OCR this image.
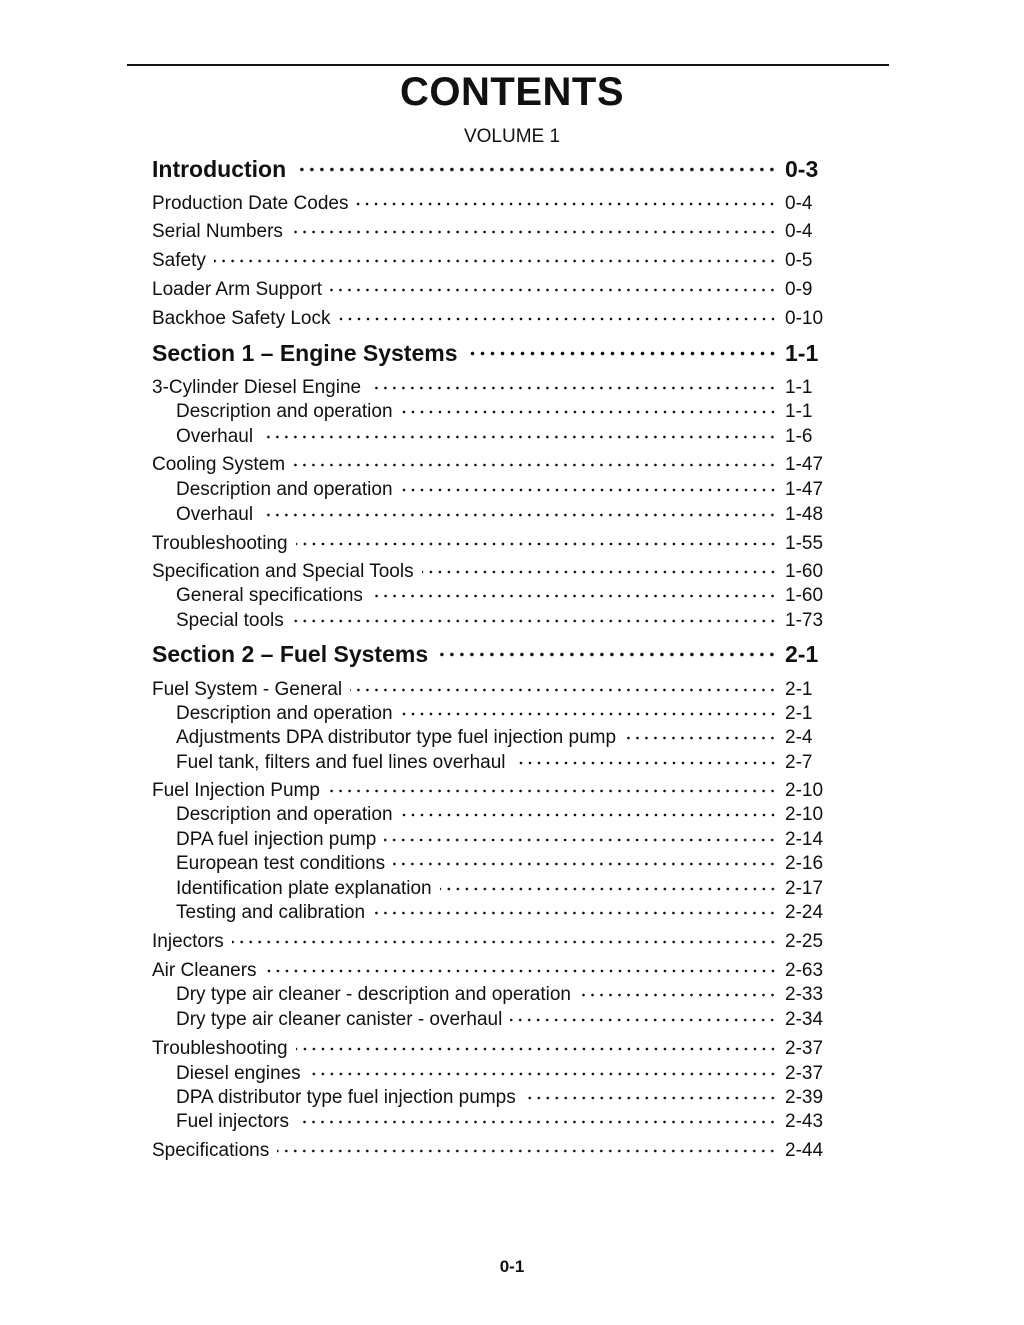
CONTENTS
VOLUME 1
Introduction	0-3
Production Date Codes	0-4
Serial Numbers	0-4
Safety	0-5
Loader Arm Support	0-9
Backhoe Safety Lock	0-10
Section 1 – Engine Systems	1-1
3-Cylinder Diesel Engine	1-1
Description and operation	1-1
Overhaul	1-6
Cooling System	1-47
Description and operation	1-47
Overhaul	1-48
Troubleshooting	1-55
Specification and Special Tools	1-60
General specifications	1-60
Special tools	1-73
Section 2 – Fuel Systems	2-1
Fuel System - General	2-1
Description and operation	2-1
Adjustments DPA distributor type fuel injection pump	2-4
Fuel tank, filters and fuel lines overhaul	2-7
Fuel Injection Pump	2-10
Description and operation	2-10
DPA fuel injection pump	2-14
European test conditions	2-16
Identification plate explanation	2-17
Testing and calibration	2-24
Injectors	2-25
Air Cleaners	2-63
Dry type air cleaner - description and operation	2-33
Dry type air cleaner canister - overhaul	2-34
Troubleshooting	2-37
Diesel engines	2-37
DPA distributor type fuel injection pumps	2-39
Fuel injectors	2-43
Specifications	2-44
0-1
